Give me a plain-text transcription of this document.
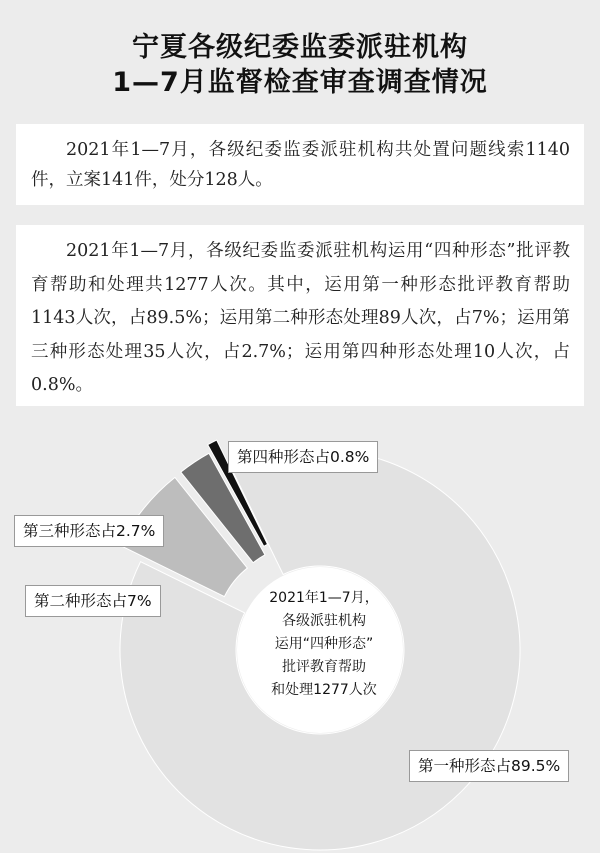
宁夏各级纪委监委派驻机构
1—7月监督检查审查调查情况

2021年1—7月，各级纪委监委派驻机构共处置问题线索1140件，立案141件，处分128人。

2021年1—7月，各级纪委监委派驻机构运用“四种形态”批评教育帮助和处理共1277人次。其中，运用第一种形态批评教育帮助1143人次，占89.5%；运用第二种形态处理89人次，占7%；运用第三种形态处理35人次，占2.7%；运用第四种形态处理10人次，占0.8%。

第四种形态占0.8%
第三种形态占2.7%
第二种形态占7%
第一种形态占89.5%
2021年1—7月，
各级派驻机构
运用“四种形态”
批评教育帮助
和处理1277人次
